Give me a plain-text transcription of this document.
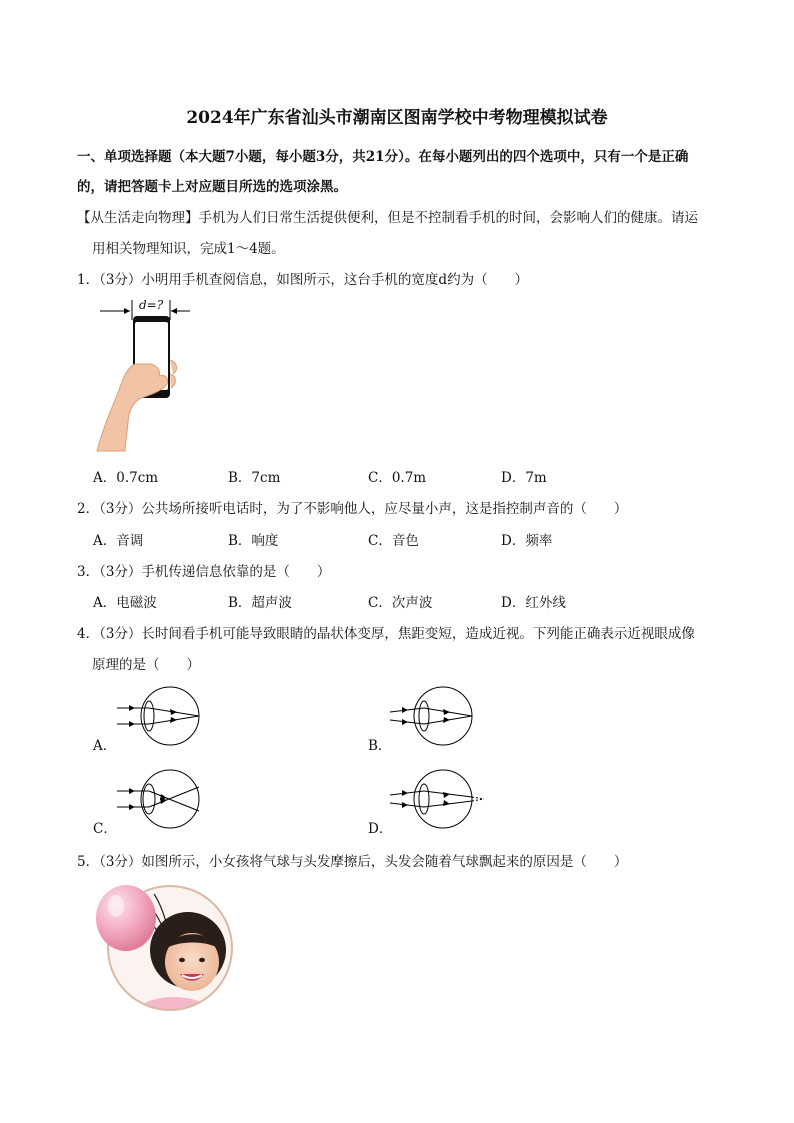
2024年广东省汕头市潮南区图南学校中考物理模拟试卷
一、单项选择题（本大题7小题，每小题3分，共21分）。在每小题列出的四个选项中，只有一个是正确
的，请把答题卡上对应题目所选的选项涂黑。
【从生活走向物理】手机为人们日常生活提供便利，但是不控制看手机的时间，会影响人们的健康。请运
用相关物理知识，完成1～4题。
1．（3分）小明用手机查阅信息，如图所示，这台手机的宽度d约为（　　）
d=?
A．0.7cm	B．7cm	C．0.7m	D．7m
2．（3分）公共场所接听电话时，为了不影响他人，应尽量小声，这是指控制声音的（　　）
A．音调	B．响度	C．音色	D．频率
3．（3分）手机传递信息依靠的是（　　）
A．电磁波	B．超声波	C．次声波	D．红外线
4．（3分）长时间看手机可能导致眼睛的晶状体变厚，焦距变短，造成近视。下列能正确表示近视眼成像
原理的是（　　）
A．	B．
C．	D．
5．（3分）如图所示，小女孩将气球与头发摩擦后，头发会随着气球飘起来的原因是（　　）
